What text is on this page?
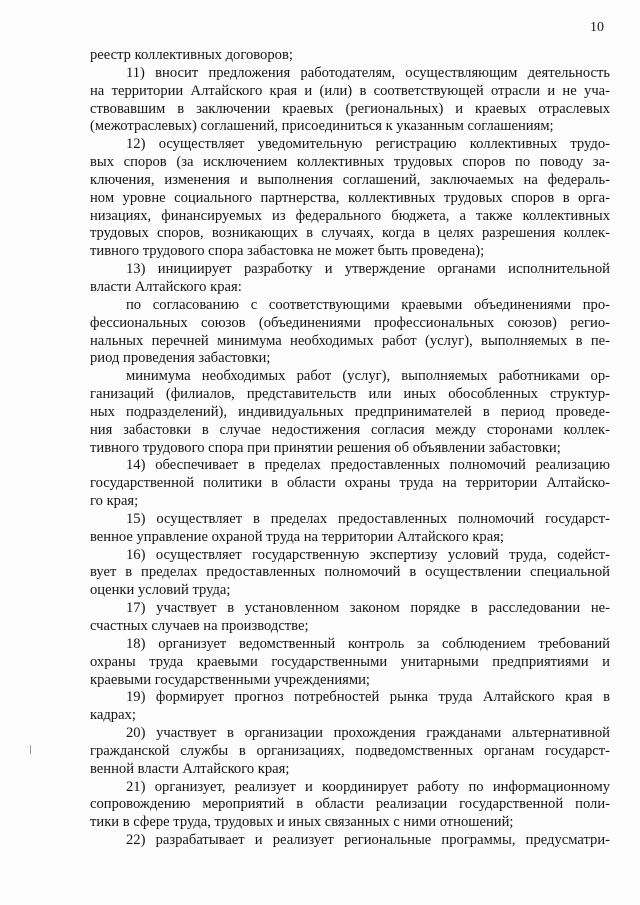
10
реестр коллективных договоров;
11) вносит предложения работодателям, осуществляющим деятельность
на территории Алтайского края и (или) в соответствующей отрасли и не уча-
ствовавшим в заключении краевых (региональных) и краевых отраслевых
(межотраслевых) соглашений, присоединиться к указанным соглашениям;
12) осуществляет уведомительную регистрацию коллективных трудо-
вых споров (за исключением коллективных трудовых споров по поводу за-
ключения, изменения и выполнения соглашений, заключаемых на федераль-
ном уровне социального партнерства, коллективных трудовых споров в орга-
низациях, финансируемых из федерального бюджета, а также коллективных
трудовых споров, возникающих в случаях, когда в целях разрешения коллек-
тивного трудового спора забастовка не может быть проведена);
13) инициирует разработку и утверждение органами исполнительной
власти Алтайского края:
по согласованию с соответствующими краевыми объединениями про-
фессиональных союзов (объединениями профессиональных союзов) регио-
нальных перечней минимума необходимых работ (услуг), выполняемых в пе-
риод проведения забастовки;
минимума необходимых работ (услуг), выполняемых работниками ор-
ганизаций (филиалов, представительств или иных обособленных структур-
ных подразделений), индивидуальных предпринимателей в период проведе-
ния забастовки в случае недостижения согласия между сторонами коллек-
тивного трудового спора при принятии решения об объявлении забастовки;
14) обеспечивает в пределах предоставленных полномочий реализацию
государственной политики в области охраны труда на территории Алтайско-
го края;
15) осуществляет в пределах предоставленных полномочий государст-
венное управление охраной труда на территории Алтайского края;
16) осуществляет государственную экспертизу условий труда, содейст-
вует в пределах предоставленных полномочий в осуществлении специальной
оценки условий труда;
17) участвует в установленном законом порядке в расследовании не-
счастных случаев на производстве;
18) организует ведомственный контроль за соблюдением требований
охраны труда краевыми государственными унитарными предприятиями и
краевыми государственными учреждениями;
19) формирует прогноз потребностей рынка труда Алтайского края в
кадрах;
20) участвует в организации прохождения гражданами альтернативной
гражданской службы в организациях, подведомственных органам государст-
венной власти Алтайского края;
21) организует, реализует и координирует работу по информационному
сопровождению мероприятий в области реализации государственной поли-
тики в сфере труда, трудовых и иных связанных с ними отношений;
22) разрабатывает и реализует региональные программы, предусматри-
